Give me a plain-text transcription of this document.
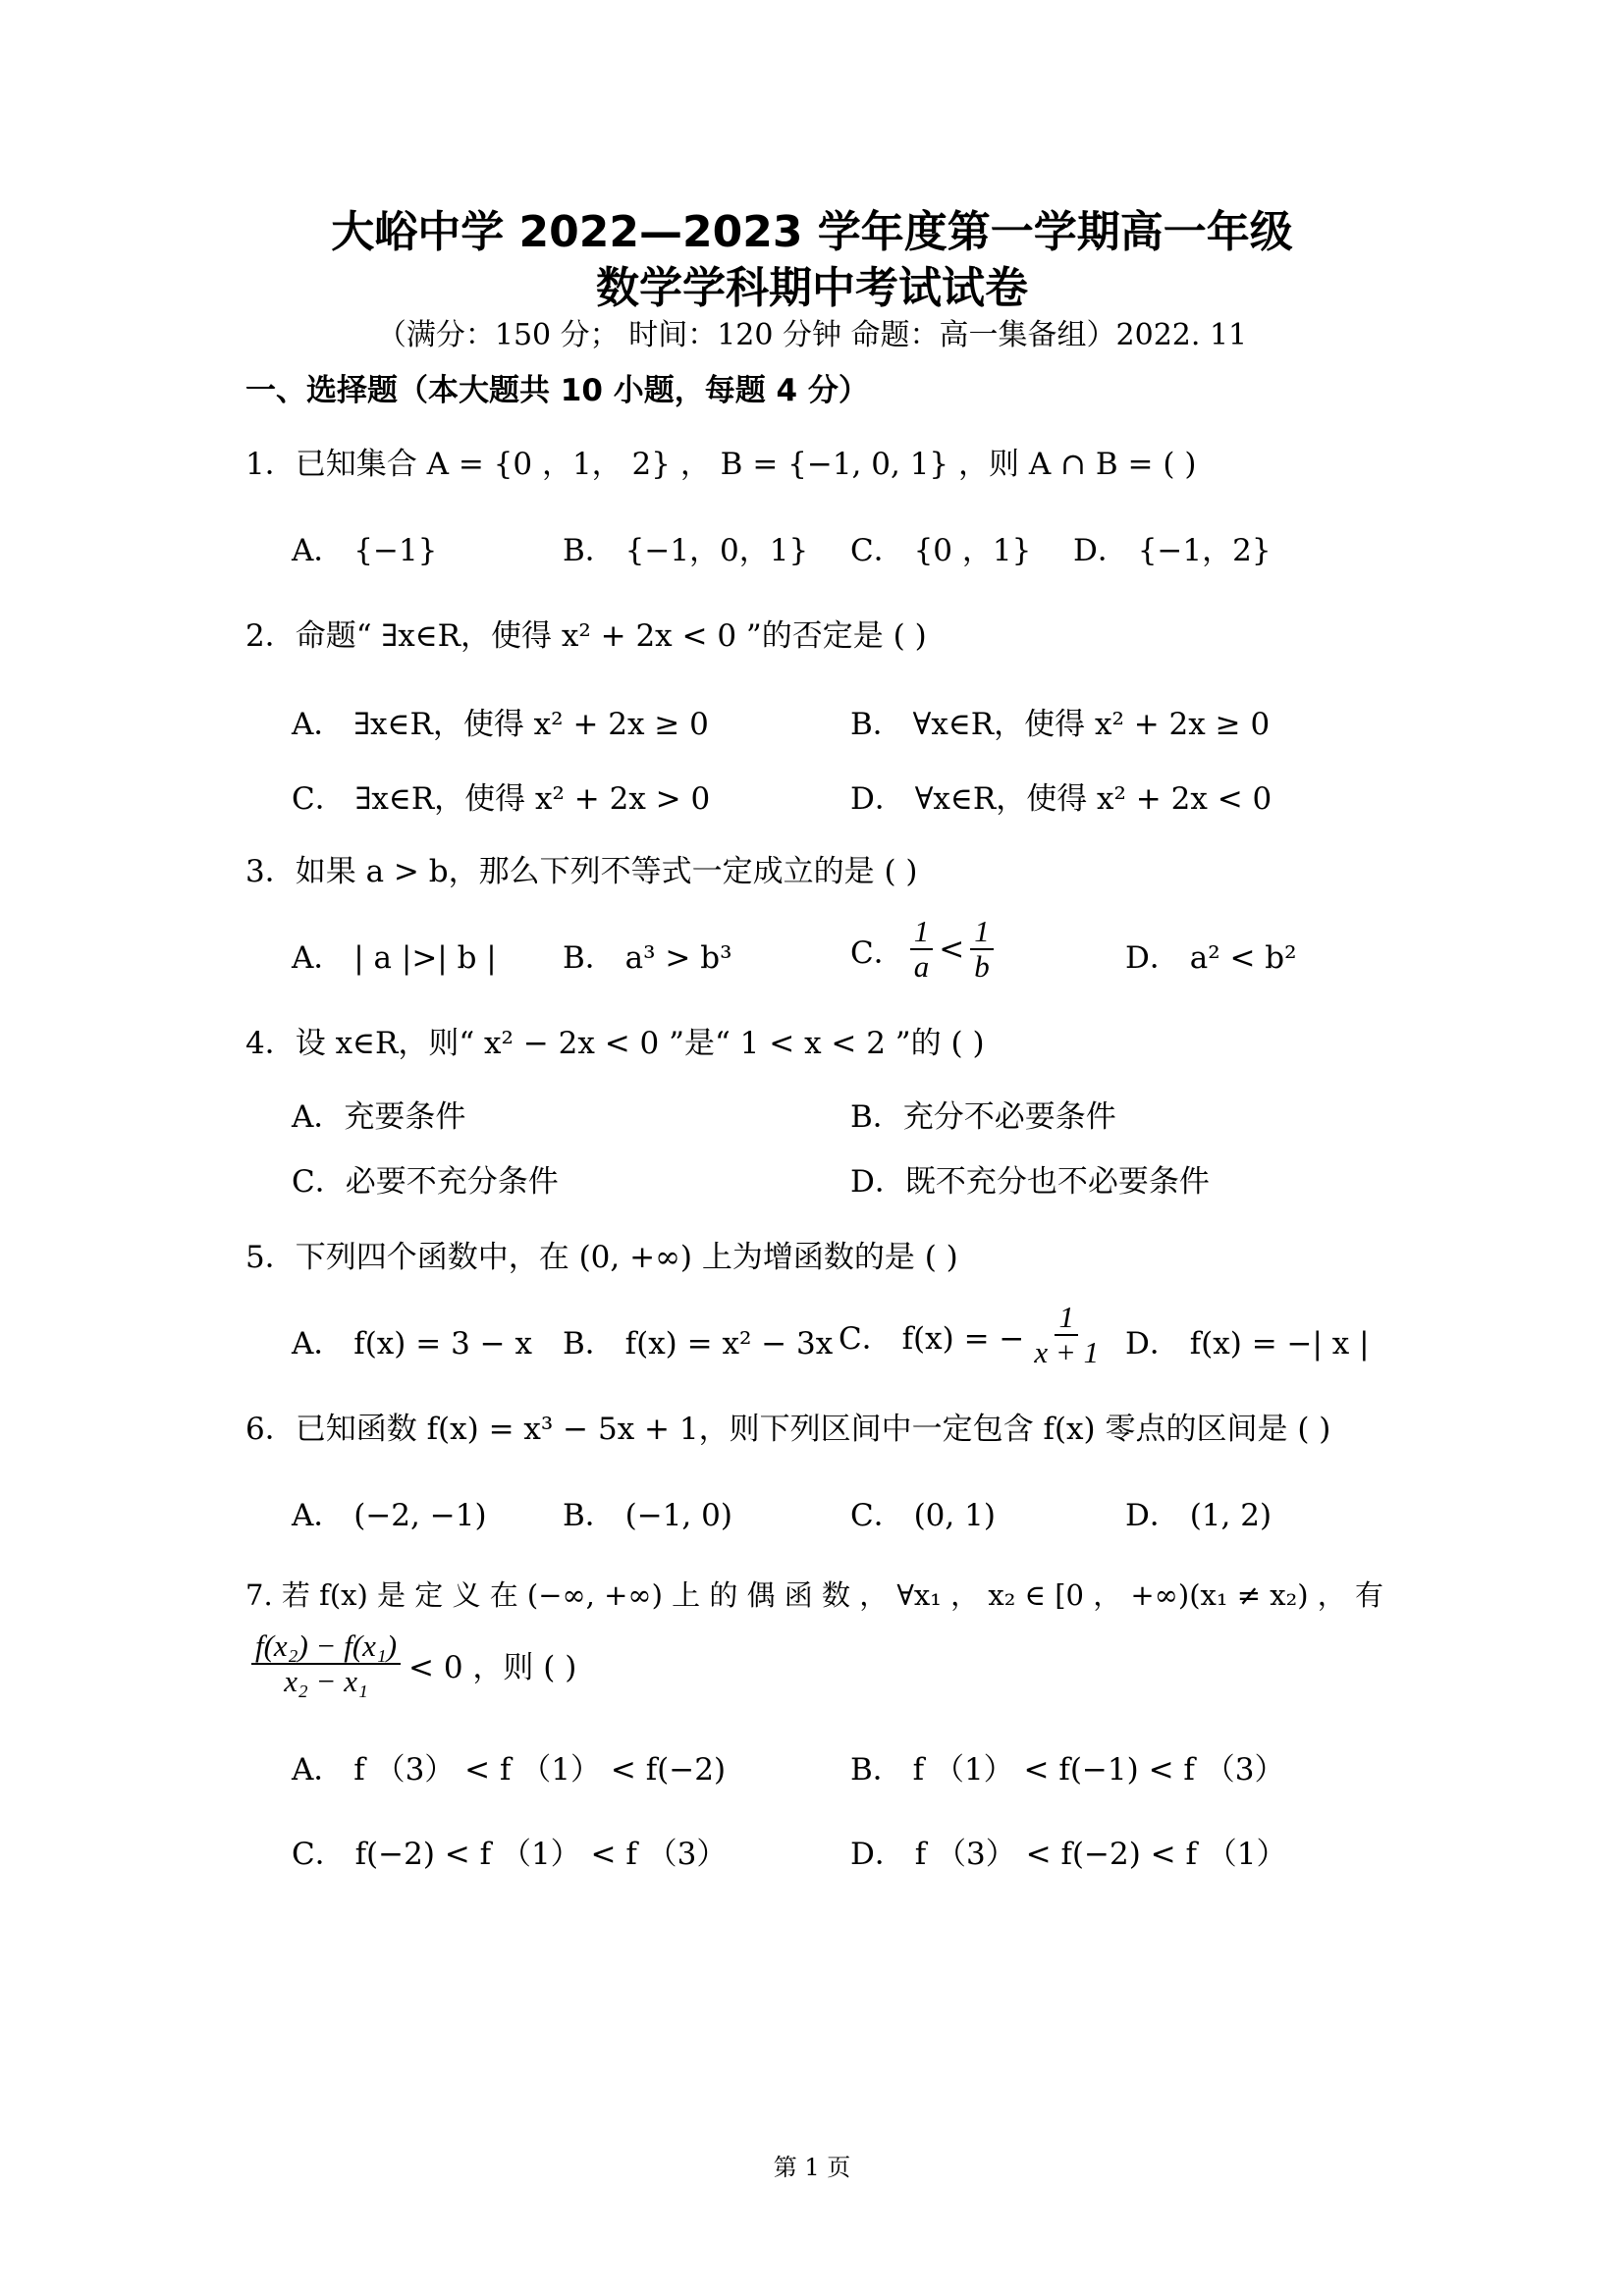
大峪中学 2022—2023 学年度第一学期高一年级
数学学科期中考试试卷
（满分：150 分； 时间：120 分钟 命题：高一集备组）2022. 11
一、选择题（本大题共 10 小题，每题 4 分）
1．已知集合 A = {0 ，1， 2} ， B = {−1, 0, 1} ，则 A ∩ B = ( )
A． {−1}	B． {−1，0，1} C． {0 ，1} D． {−1，2}
2．命题“ ∃x∈R，使得 x² + 2x < 0 ”的否定是 ( )
A． ∃x∈R，使得 x² + 2x ≥ 0	B． ∀x∈R，使得 x² + 2x ≥ 0
C． ∃x∈R，使得 x² + 2x > 0	D． ∀x∈R，使得 x² + 2x < 0
3．如果 a > b，那么下列不等式一定成立的是 ( )
A． | a |>| b | B． a³ > b³	C． $\frac{1}{a} < \frac{1}{b}$	D． a² < b²
4．设 x∈R，则“ x² − 2x < 0 ”是“ 1 < x < 2 ”的 ( )
A．充要条件	B．充分不必要条件
C．必要不充分条件	D．既不充分也不必要条件
5．下列四个函数中，在 (0, +∞) 上为增函数的是 ( )
A． f(x) = 3 − x B． f(x) = x² − 3x C． f(x) = − $\frac{1}{x + 1}$ D． f(x) = −| x |
6．已知函数 f(x) = x³ − 5x + 1，则下列区间中一定包含 f(x) 零点的区间是 ( )
A． (−2, −1) B． (−1, 0)	C． (0, 1)	D． (1, 2)
7. 若 f(x) 是 定 义 在 (−∞, +∞) 上 的 偶 函 数 ， ∀x₁ ， x₂ ∈ [0 ， +∞)(x₁ ≠ x₂) ， 有
$\frac{\text{f(x₂) − f(x₁)}}{\text{x₂ − x₁}} < 0$ ，则 ( )
A． f （3） < f （1） < f(−2)	B． f （1） < f(−1) < f （3）
C． f(−2) < f （1） < f （3）	D． f （3） < f(−2) < f （1）
第 1 页
